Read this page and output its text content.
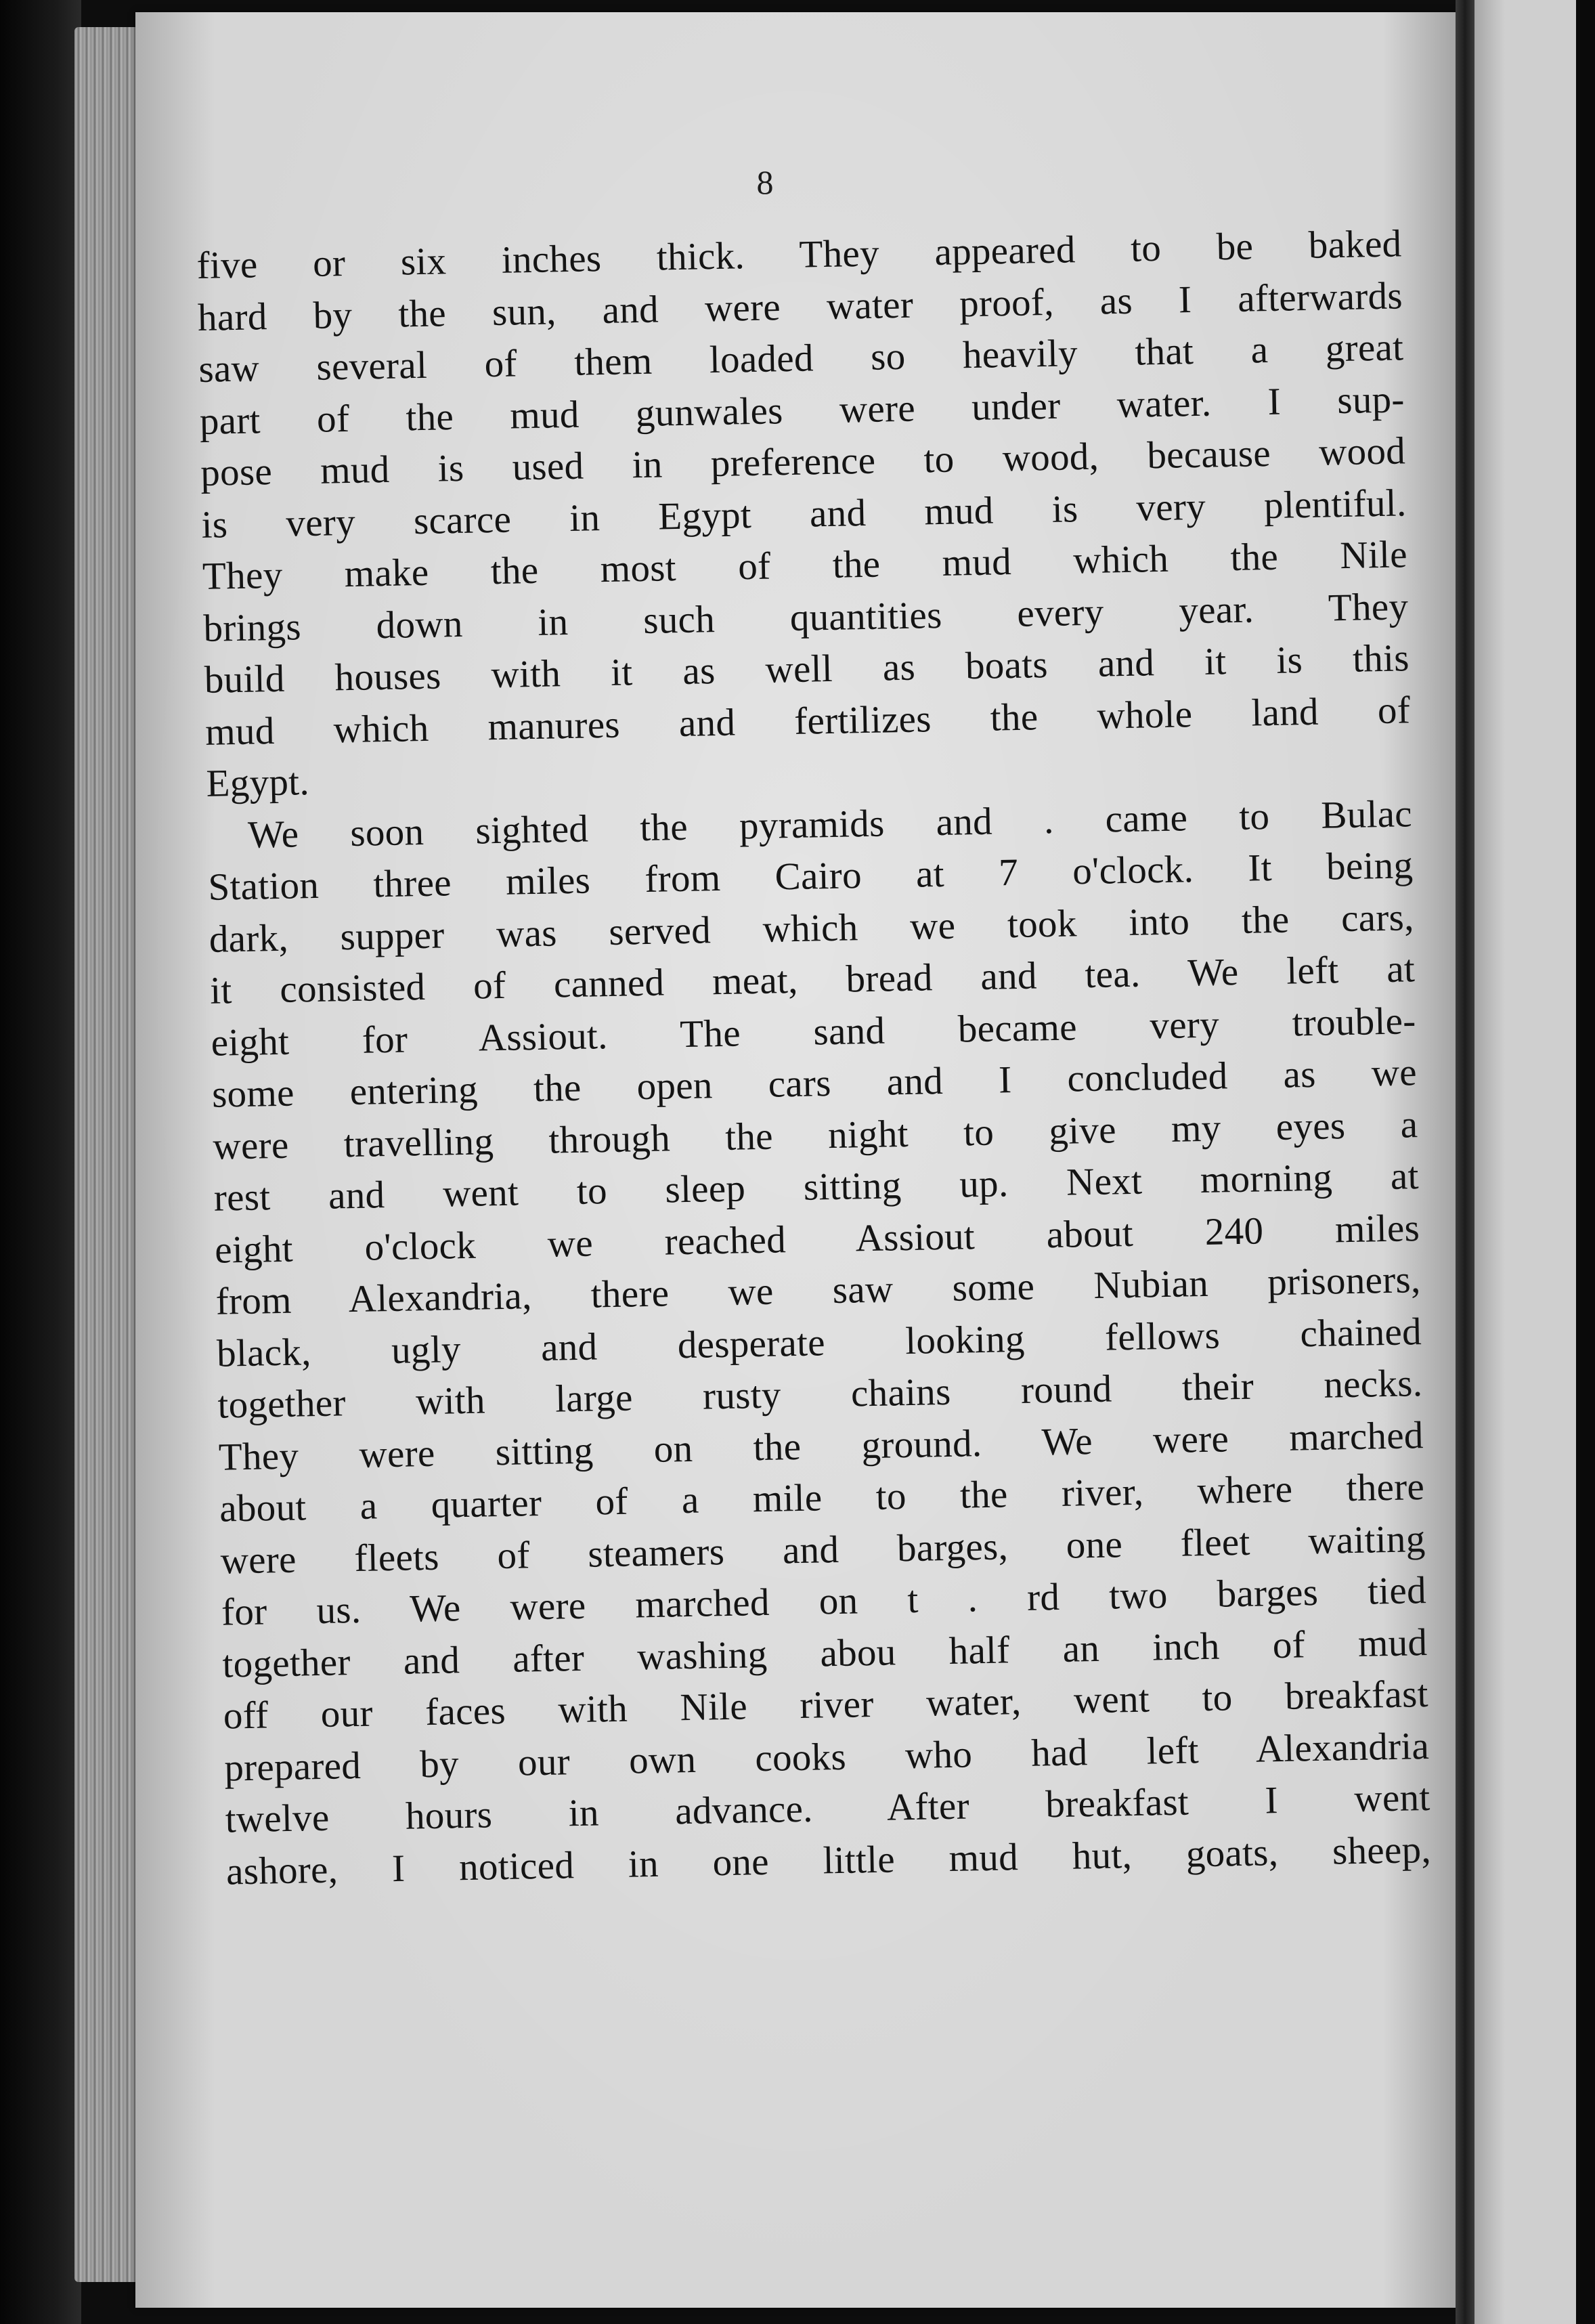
8
five or six inches thick. They appeared to be baked
hard by the sun, and were water proof, as I afterwards
saw several of them loaded so heavily that a great
part of the mud gunwales were under water. I sup-
pose mud is used in preference to wood, because wood
is very scarce in Egypt and mud is very plentiful.
They make the most of the mud which the Nile
brings down in such quantities every year. They
build houses with it as well as boats and it is this
mud which manures and fertilizes the whole land of
Egypt.
We soon sighted the pyramids and . came to Bulac
Station three miles from Cairo at 7 o'clock. It being
dark, supper was served which we took into the cars,
it consisted of canned meat, bread and tea. We left at
eight for Assiout. The sand became very trouble-
some entering the open cars and I concluded as we
were travelling through the night to give my eyes a
rest and went to sleep sitting up. Next morning at
eight o'clock we reached Assiout about 240 miles
from Alexandria, there we saw some Nubian prisoners,
black, ugly and desperate looking fellows chained
together with large rusty chains round their necks.
They were sitting on the ground. We were marched
about a quarter of a mile to the river, where there
were fleets of steamers and barges, one fleet waiting
for us. We were marched on t . rd two barges tied
together and after washing abou half an inch of mud
off our faces with Nile river water, went to breakfast
prepared by our own cooks who had left Alexandria
twelve hours in advance. After breakfast I went
ashore, I noticed in one little mud hut, goats, sheep,
